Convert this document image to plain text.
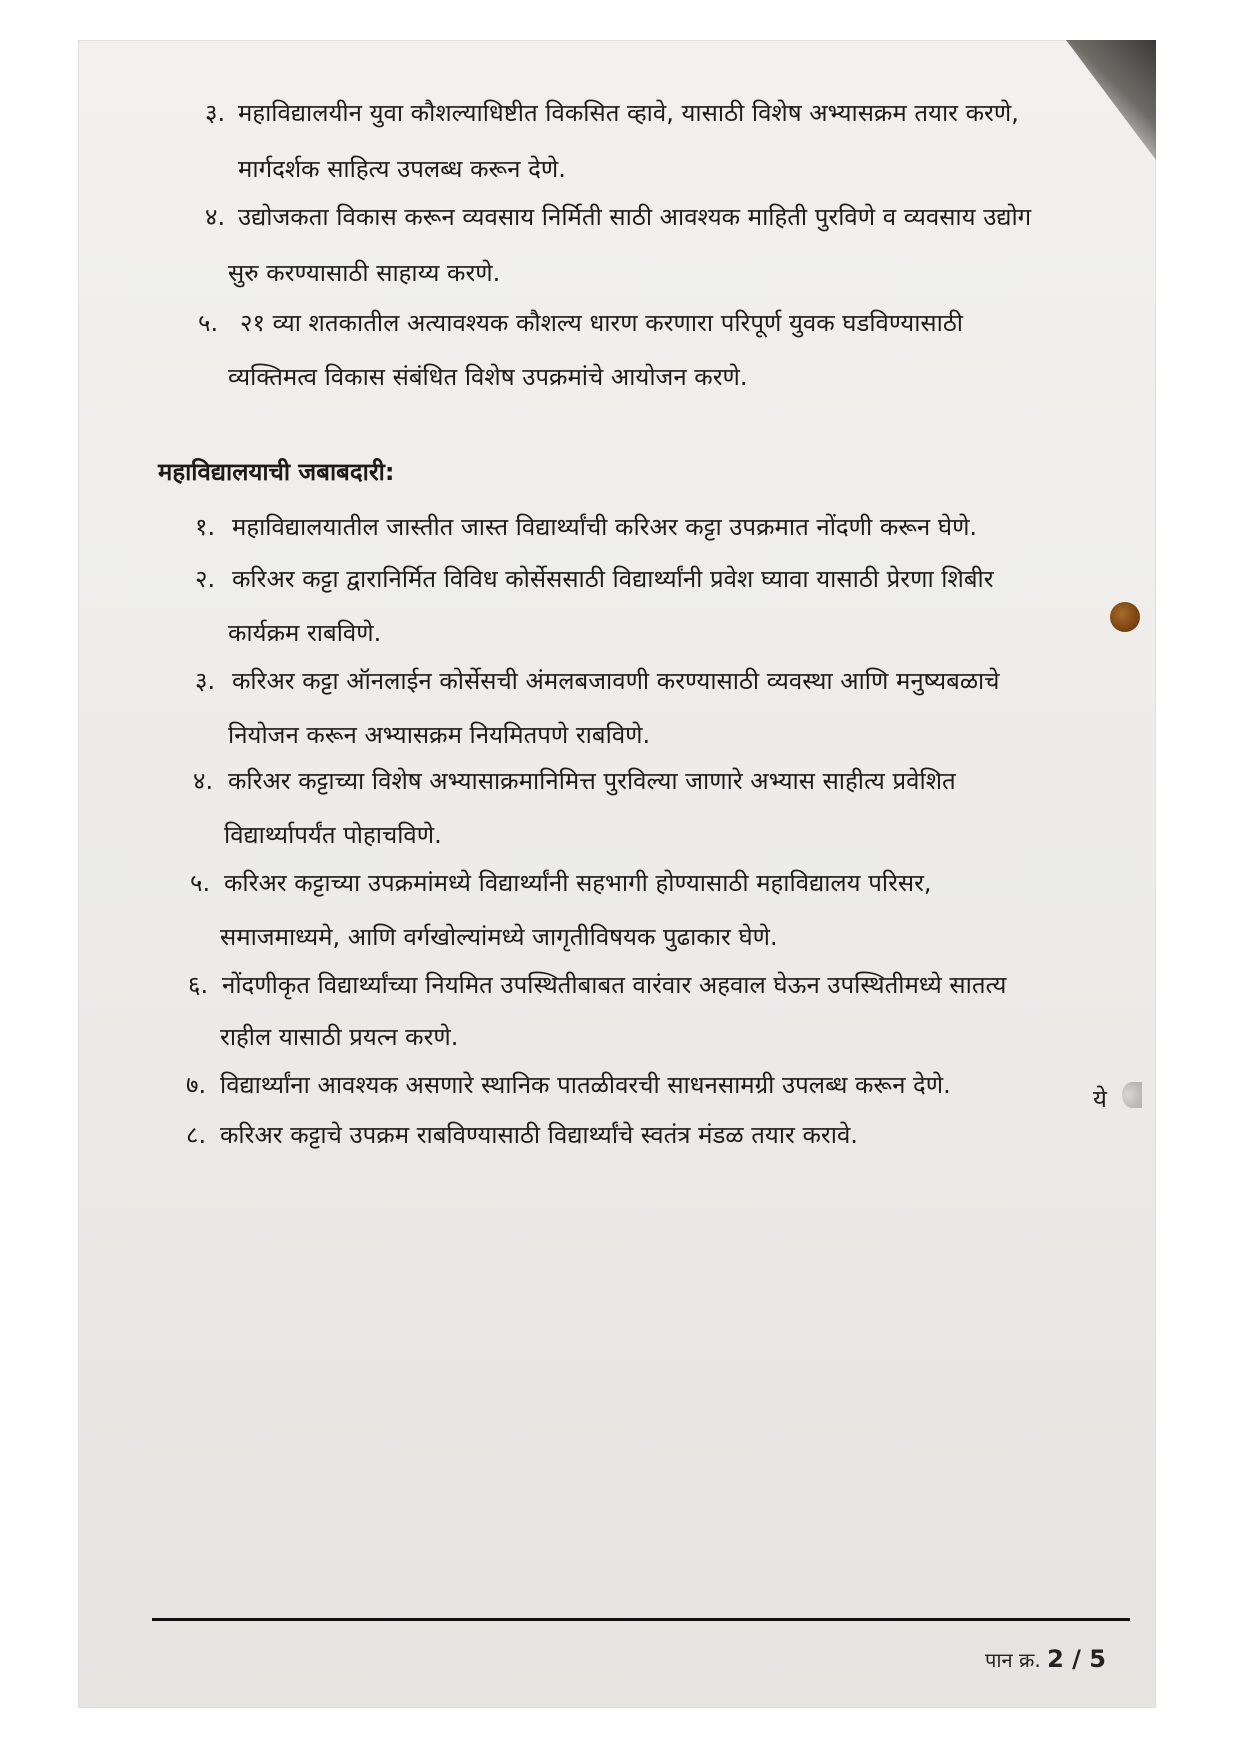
३. महाविद्यालयीन युवा कौशल्याधिष्टीत विकसित व्हावे, यासाठी विशेष अभ्यासक्रम तयार करणे,
मार्गदर्शक साहित्य उपलब्ध करून देणे.
४. उद्योजकता विकास करून व्यवसाय निर्मिती साठी आवश्यक माहिती पुरविणे व व्यवसाय उद्योग
सुरु करण्यासाठी साहाय्य करणे.
५. २१ व्या शतकातील अत्यावश्यक कौशल्य धारण करणारा परिपूर्ण युवक घडविण्यासाठी
व्यक्तिमत्व विकास संबंधित विशेष उपक्रमांचे आयोजन करणे.
महाविद्यालयाची जबाबदारी:
१. महाविद्यालयातील जास्तीत जास्त विद्यार्थ्यांची करिअर कट्टा उपक्रमात नोंदणी करून घेणे.
२. करिअर कट्टा द्वारानिर्मित विविध कोर्सेससाठी विद्यार्थ्यांनी प्रवेश घ्यावा यासाठी प्रेरणा शिबीर
कार्यक्रम राबविणे.
३. करिअर कट्टा ऑनलाईन कोर्सेसची अंमलबजावणी करण्यासाठी व्यवस्था आणि मनुष्यबळाचे
नियोजन करून अभ्यासक्रम नियमितपणे राबविणे.
४. करिअर कट्टाच्या विशेष अभ्यासाक्रमानिमित्त पुरविल्या जाणारे अभ्यास साहीत्य प्रवेशित
विद्यार्थ्यापर्यंत पोहाचविणे.
५. करिअर कट्टाच्या उपक्रमांमध्ये विद्यार्थ्यांनी सहभागी होण्यासाठी महाविद्यालय परिसर,
समाजमाध्यमे, आणि वर्गखोल्यांमध्ये जागृतीविषयक पुढाकार घेणे.
६. नोंदणीकृत विद्यार्थ्यांच्या नियमित उपस्थितीबाबत वारंवार अहवाल घेऊन उपस्थितीमध्ये सातत्य
राहील यासाठी प्रयत्न करणे.
७. विद्यार्थ्यांना आवश्यक असणारे स्थानिक पातळीवरची साधनसामग्री उपलब्ध करून देणे.
८. करिअर कट्टाचे उपक्रम राबविण्यासाठी विद्यार्थ्यांचे स्वतंत्र मंडळ तयार करावे.
ये
पान क्र. 2 / 5
